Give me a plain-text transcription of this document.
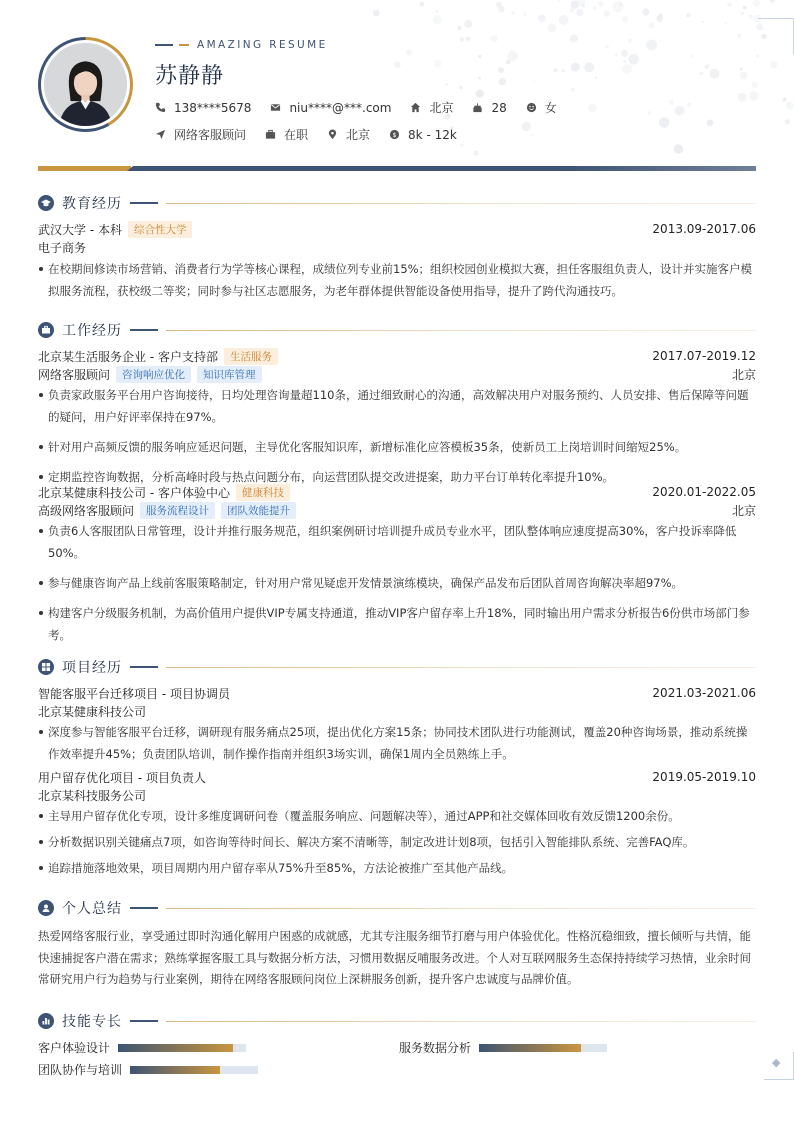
◆
AMAZING RESUME
苏静静
138****5678	niu****@***.com	北京	28	女
网络客服顾问	在职	北京	$ 8k - 12k
教育经历
武汉大学 - 本科	综合性大学	2013.09-2017.06
电子商务
在校期间修读市场营销、消费者行为学等核心课程，成绩位列专业前15%；组织校园创业模拟大赛，担任客服组负责人，设计并实施客户模拟服务流程，获校级二等奖；同时参与社区志愿服务，为老年群体提供智能设备使用指导，提升了跨代沟通技巧。
工作经历
北京某生活服务企业 - 客户支持部	生活服务	2017.07-2019.12
网络客服顾问	咨询响应优化	知识库管理	北京
负责家政服务平台用户咨询接待，日均处理咨询量超110条，通过细致耐心的沟通，高效解决用户对服务预约、人员安排、售后保障等问题的疑问，用户好评率保持在97%。
针对用户高频反馈的服务响应延迟问题，主导优化客服知识库，新增标准化应答模板35条，使新员工上岗培训时间缩短25%。
定期监控咨询数据，分析高峰时段与热点问题分布，向运营团队提交改进提案，助力平台订单转化率提升10%。
北京某健康科技公司 - 客户体验中心	健康科技	2020.01-2022.05
高级网络客服顾问	服务流程设计	团队效能提升	北京
负责6人客服团队日常管理，设计并推行服务规范，组织案例研讨培训提升成员专业水平，团队整体响应速度提高30%，客户投诉率降低50%。
参与健康咨询产品上线前客服策略制定，针对用户常见疑虑开发情景演练模块，确保产品发布后团队首周咨询解决率超97%。
构建客户分级服务机制，为高价值用户提供VIP专属支持通道，推动VIP客户留存率上升18%，同时输出用户需求分析报告6份供市场部门参考。
项目经历
智能客服平台迁移项目 - 项目协调员	2021.03-2021.06
北京某健康科技公司
深度参与智能客服平台迁移，调研现有服务痛点25项，提出优化方案15条；协同技术团队进行功能测试，覆盖20种咨询场景，推动系统操作效率提升45%；负责团队培训，制作操作指南并组织3场实训，确保1周内全员熟练上手。
用户留存优化项目 - 项目负责人	2019.05-2019.10
北京某科技服务公司
主导用户留存优化专项，设计多维度调研问卷（覆盖服务响应、问题解决等），通过APP和社交媒体回收有效反馈1200余份。
分析数据识别关键痛点7项，如咨询等待时间长、解决方案不清晰等，制定改进计划8项，包括引入智能排队系统、完善FAQ库。
追踪措施落地效果，项目周期内用户留存率从75%升至85%，方法论被推广至其他产品线。
个人总结
热爱网络客服行业，享受通过即时沟通化解用户困惑的成就感，尤其专注服务细节打磨与用户体验优化。性格沉稳细致，擅长倾听与共情，能快速捕捉客户潜在需求；熟练掌握客服工具与数据分析方法，习惯用数据反哺服务改进。个人对互联网服务生态保持持续学习热情，业余时间常研究用户行为趋势与行业案例，期待在网络客服顾问岗位上深耕服务创新，提升客户忠诚度与品牌价值。
技能专长
客户体验设计	服务数据分析
团队协作与培训
